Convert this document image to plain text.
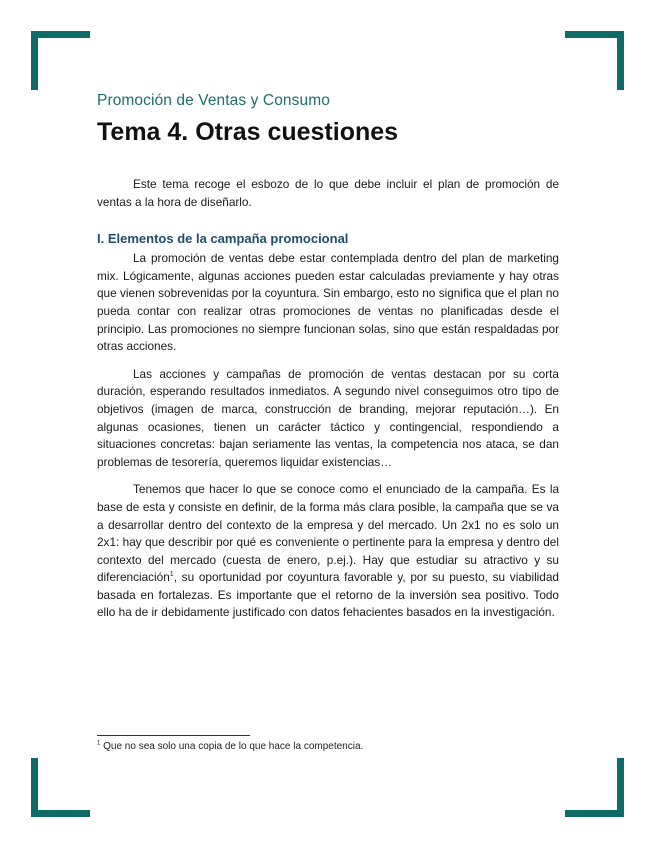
Promoción de Ventas y Consumo
Tema 4. Otras cuestiones

Este tema recoge el esbozo de lo que debe incluir el plan de promoción de ventas a la hora de diseñarlo.

I. Elementos de la campaña promocional

La promoción de ventas debe estar contemplada dentro del plan de marketing mix. Lógicamente, algunas acciones pueden estar calculadas previamente y hay otras que vienen sobrevenidas por la coyuntura. Sin embargo, esto no significa que el plan no pueda contar con realizar otras promociones de ventas no planificadas desde el principio. Las promociones no siempre funcionan solas, sino que están respaldadas por otras acciones.

Las acciones y campañas de promoción de ventas destacan por su corta duración, esperando resultados inmediatos. A segundo nivel conseguimos otro tipo de objetivos (imagen de marca, construcción de branding, mejorar reputación…). En algunas ocasiones, tienen un carácter táctico y contingencial, respondiendo a situaciones concretas: bajan seriamente las ventas, la competencia nos ataca, se dan problemas de tesorería, queremos liquidar existencias…

Tenemos que hacer lo que se conoce como el enunciado de la campaña. Es la base de esta y consiste en definir, de la forma más clara posible, la campaña que se va a desarrollar dentro del contexto de la empresa y del mercado. Un 2x1 no es solo un 2x1: hay que describir por qué es conveniente o pertinente para la empresa y dentro del contexto del mercado (cuesta de enero, p.ej.). Hay que estudiar su atractivo y su diferenciación$^1$, su oportunidad por coyuntura favorable y, por su puesto, su viabilidad basada en fortalezas. Es importante que el retorno de la inversión sea positivo. Todo ello ha de ir debidamente justificado con datos fehacientes basados en la investigación.

$^1$ Que no sea solo una copia de lo que hace la competencia.
